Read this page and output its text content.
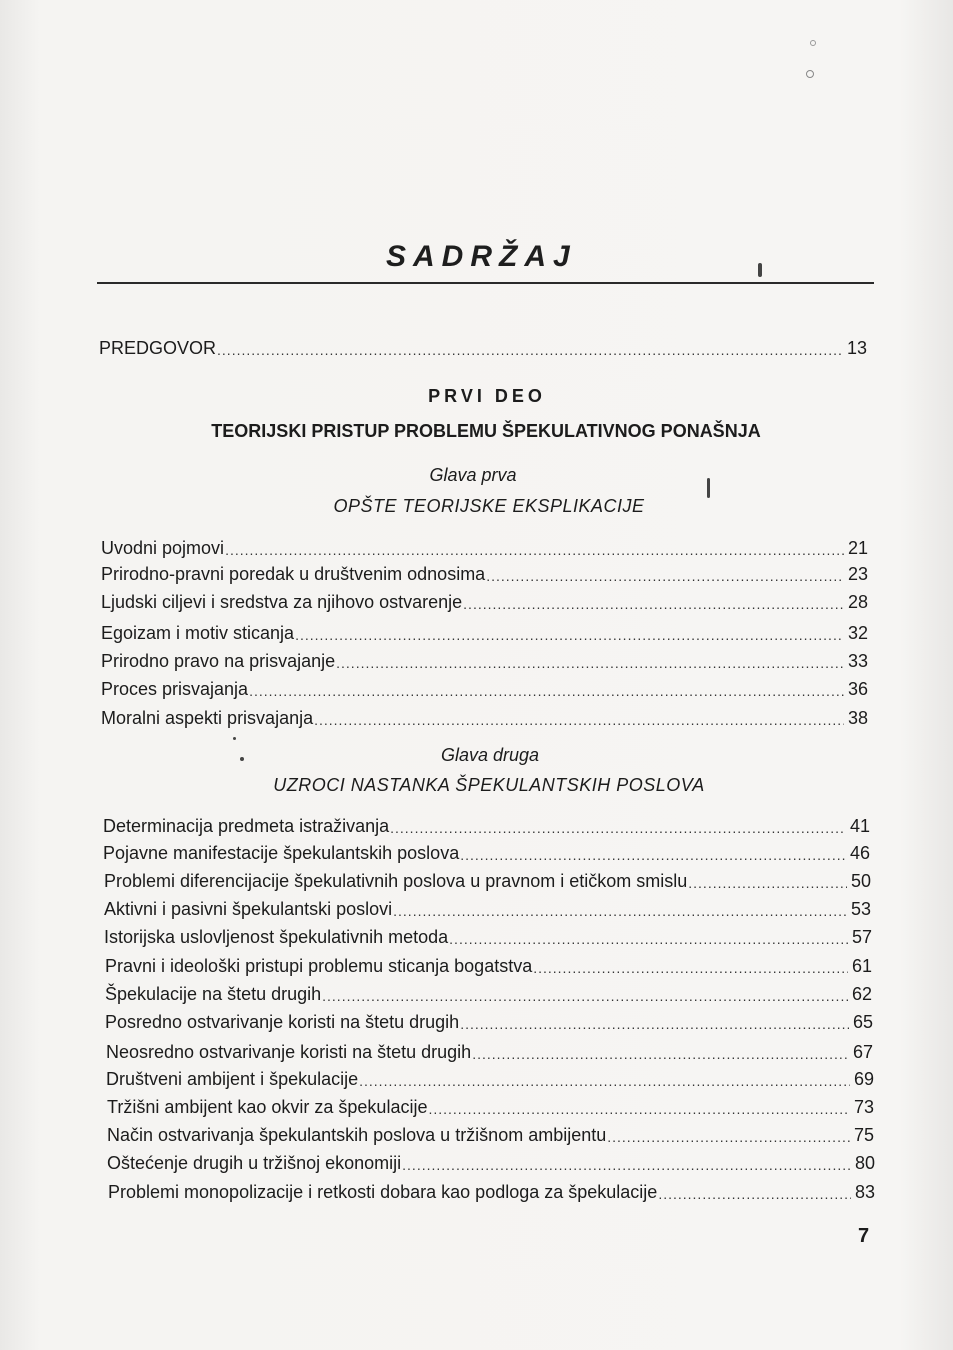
SADRŽAJ
PREDGOVOR .....	13
PRVI DEO
TEORIJSKI PRISTUP PROBLEMU ŠPEKULATIVNOG PONAŠNJA
Glava prva
OPŠTE TEORIJSKE EKSPLIKACIJE
Uvodni pojmovi .....	21
Prirodno-pravni poredak u društvenim odnosima .....	23
Ljudski ciljevi i sredstva za njihovo ostvarenje .....	28
Egoizam i motiv sticanja .....	32
Prirodno pravo na prisvajanje .....	33
Proces prisvajanja .....	36
Moralni aspekti prisvajanja .....	38
Glava druga
UZROCI NASTANKA ŠPEKULANTSKIH POSLOVA
Determinacija predmeta istraživanja .....	41
Pojavne manifestacije špekulantskih poslova .....	46
Problemi diferencijacije špekulativnih poslova u pravnom i etičkom smislu .....	50
Aktivni i pasivni špekulantski poslovi .....	53
Istorijska uslovljenost špekulativnih metoda .....	57
Pravni i ideološki pristupi problemu sticanja bogatstva .....	61
Špekulacije na štetu drugih .....	62
Posredno ostvarivanje koristi na štetu drugih .....	65
Neosredno ostvarivanje koristi na štetu drugih .....	67
Društveni ambijent i špekulacije .....	69
Tržišni ambijent kao okvir za špekulacije .....	73
Način ostvarivanja špekulantskih poslova u tržišnom ambijentu .....	75
Oštećenje drugih u tržišnoj ekonomiji .....	80
Problemi monopolizacije i retkosti dobara kao podloga za špekulacije .....	83
7
